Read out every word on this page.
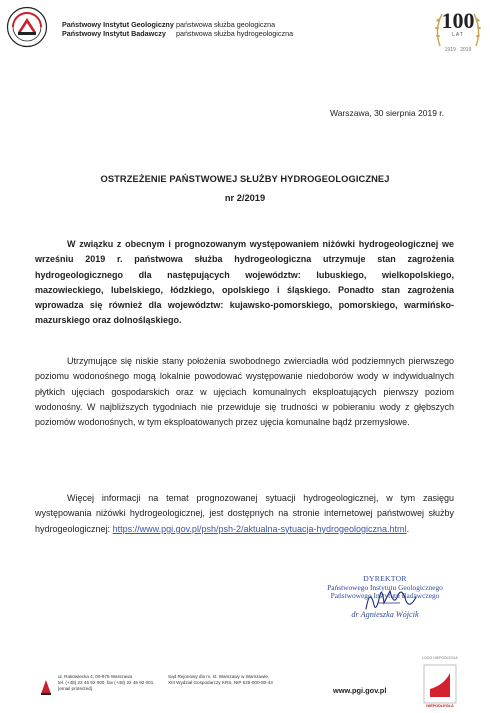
Państwowy Instytut Geologiczny
Państwowy Instytut Badawczy
państwowa służba geologiczna
państwowa służba hydrogeologiczna
100
LAT
1919 · 2019
Warszawa, 30 sierpnia 2019 r.
OSTRZEŻENIE PAŃSTWOWEJ SŁUŻBY HYDROGEOLOGICZNEJ
nr 2/2019
W związku z obecnym i prognozowanym występowaniem niżówki hydrogeologicznej we wrześniu 2019 r. państwowa służba hydrogeologiczna utrzymuje stan zagrożenia hydrogeologicznego dla następujących województw: lubuskiego, wielkopolskiego, mazowieckiego, lubelskiego, łódzkiego, opolskiego i śląskiego. Ponadto stan zagrożenia wprowadza się również dla województw: kujawsko-pomorskiego, pomorskiego, warmińsko-mazurskiego oraz dolnośląskiego.
Utrzymujące się niskie stany położenia swobodnego zwierciadła wód podziemnych pierwszego poziomu wodonośnego mogą lokalnie powodować występowanie niedoborów wody w indywidualnych płytkich ujęciach gospodarskich oraz w ujęciach komunalnych eksploatujących pierwszy poziom wodonośny. W najbliższych tygodniach nie przewiduje się trudności w pobieraniu wody z głębszych poziomów wodonośnych, w tym eksploatowanych przez ujęcia komunalne bądź przemysłowe.
Więcej informacji na temat prognozowanej sytuacji hydrogeologicznej, w tym zasięgu występowania niżówki hydrogeologicznej, jest dostępnych na stronie internetowej państwowej służby hydrogeologicznej: https://www.pgi.gov.pl/psh/psh-2/aktualna-sytuacja-hydrogeologiczna.html.
DYREKTOR
Państwowego Instytutu Geologicznego
Państwowego Instytutu Badawczego
dr Agnieszka Wójcik
ul. Rakowiecka 4, 00-975 Warszawa
tel. (+48) 22 45 92 000, fax (+48) 22 45 92 001
[email protected]
Sąd Rejonowy dla m. st. Warszawy w Warszawie,
XIII Wydział Gospodarczy KRS, NIP 525-000-80-43
www.pgi.gov.pl
LOGO NIEPODLEGŁA
NIEPODLEGŁA
